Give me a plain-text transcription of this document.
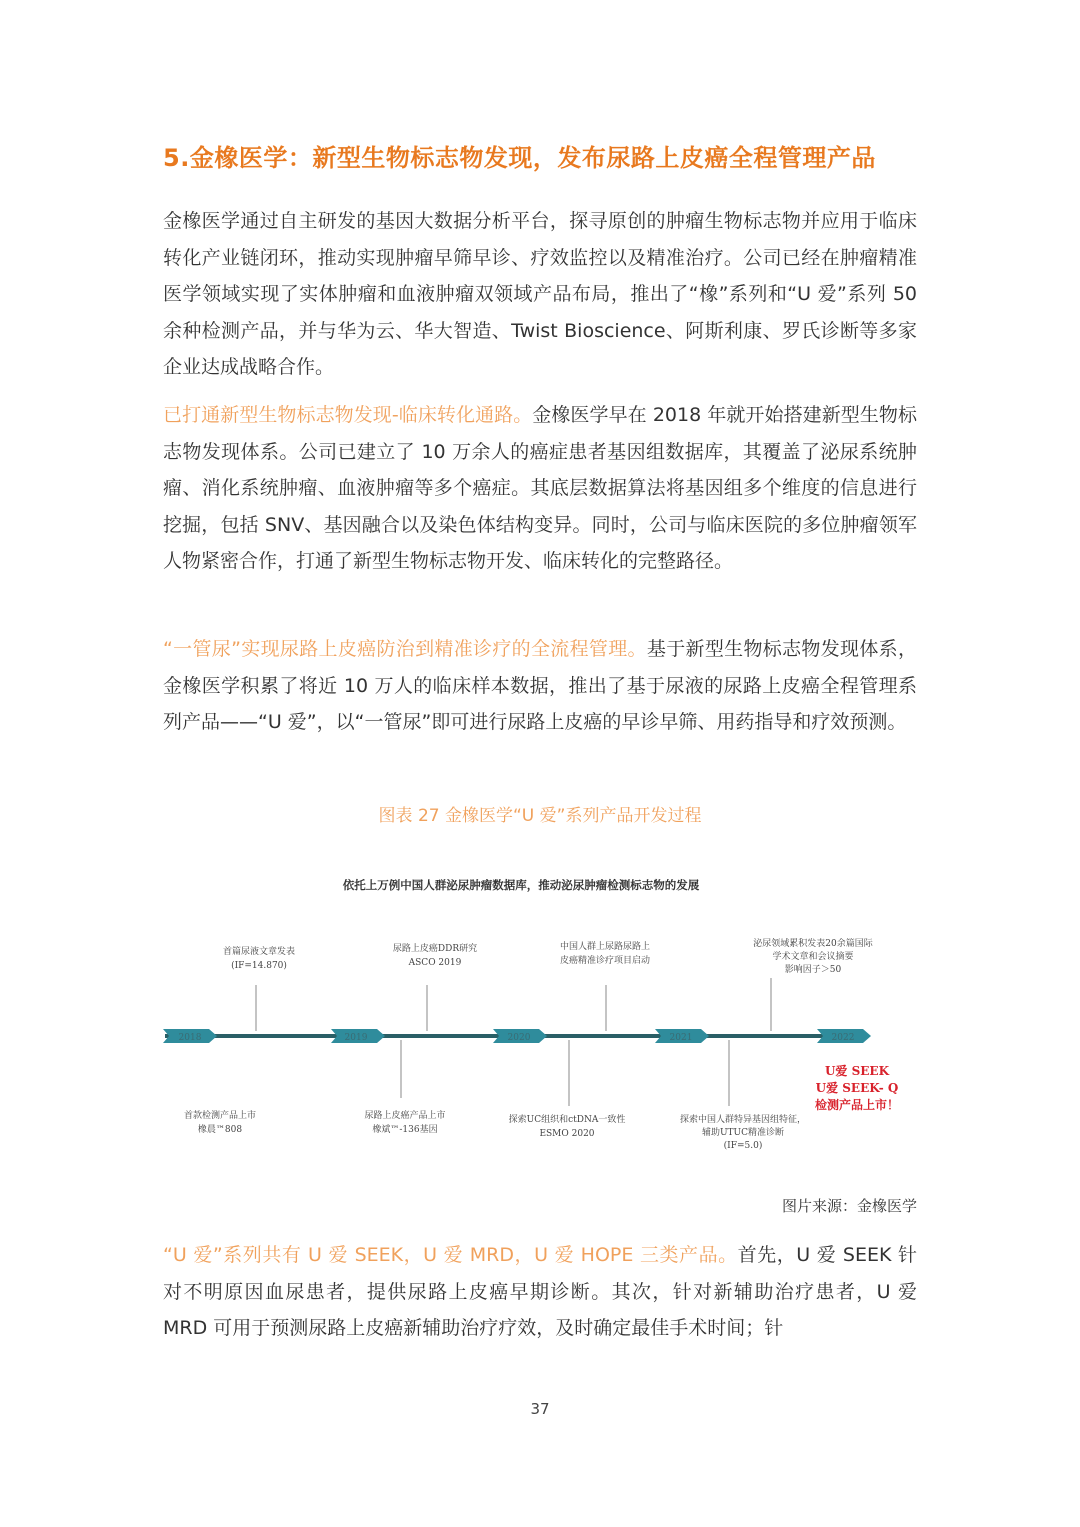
5.金橡医学：新型生物标志物发现，发布尿路上皮癌全程管理产品

金橡医学通过自主研发的基因大数据分析平台，探寻原创的肿瘤生物标志物并应用于临床转化产业链闭环，推动实现肿瘤早筛早诊、疗效监控以及精准治疗。公司已经在肿瘤精准医学领域实现了实体肿瘤和血液肿瘤双领域产品布局，推出了“橡”系列和“U 爱”系列 50 余种检测产品，并与华为云、华大智造、Twist Bioscience、阿斯利康、罗氏诊断等多家企业达成战略合作。

已打通新型生物标志物发现-临床转化通路。金橡医学早在 2018 年就开始搭建新型生物标志物发现体系。公司已建立了 10 万余人的癌症患者基因组数据库，其覆盖了泌尿系统肿瘤、消化系统肿瘤、血液肿瘤等多个癌症。其底层数据算法将基因组多个维度的信息进行挖掘，包括 SNV、基因融合以及染色体结构变异。同时，公司与临床医院的多位肿瘤领军人物紧密合作，打通了新型生物标志物开发、临床转化的完整路径。

“一管尿”实现尿路上皮癌防治到精准诊疗的全流程管理。基于新型生物标志物发现体系，金橡医学积累了将近 10 万人的临床样本数据，推出了基于尿液的尿路上皮癌全程管理系列产品——“U 爱”，以“一管尿”即可进行尿路上皮癌的早诊早筛、用药指导和疗效预测。

图表 27 金橡医学“U 爱”系列产品开发过程
依托上万例中国人群泌尿肿瘤数据库，推动泌尿肿瘤检测标志物的发展
2018	2019	2020	2021	2022
首篇尿液文章发表
(IF=14.870)
尿路上皮癌DDR研究
ASCO 2019
中国人群上尿路尿路上
皮癌精准诊疗项目启动
泌尿领域累积发表20余篇国际
学术文章和会议摘要
影响因子＞50
首款检测产品上市
橡晨™808
尿路上皮癌产品上市
橡斌™-136基因
探索UC组织和ctDNA一致性
ESMO 2020
探索中国人群特异基因组特征，
辅助UTUC精准诊断
(IF=5.0)
U爱 SEEK
U爱 SEEK- Q
检测产品上市！
图片来源：金橡医学

“U 爱”系列共有 U 爱 SEEK，U 爱 MRD，U 爱 HOPE 三类产品。首先，U 爱 SEEK 针对不明原因血尿患者，提供尿路上皮癌早期诊断。其次，针对新辅助治疗患者，U 爱 MRD 可用于预测尿路上皮癌新辅助治疗疗效，及时确定最佳手术时间；针

37
